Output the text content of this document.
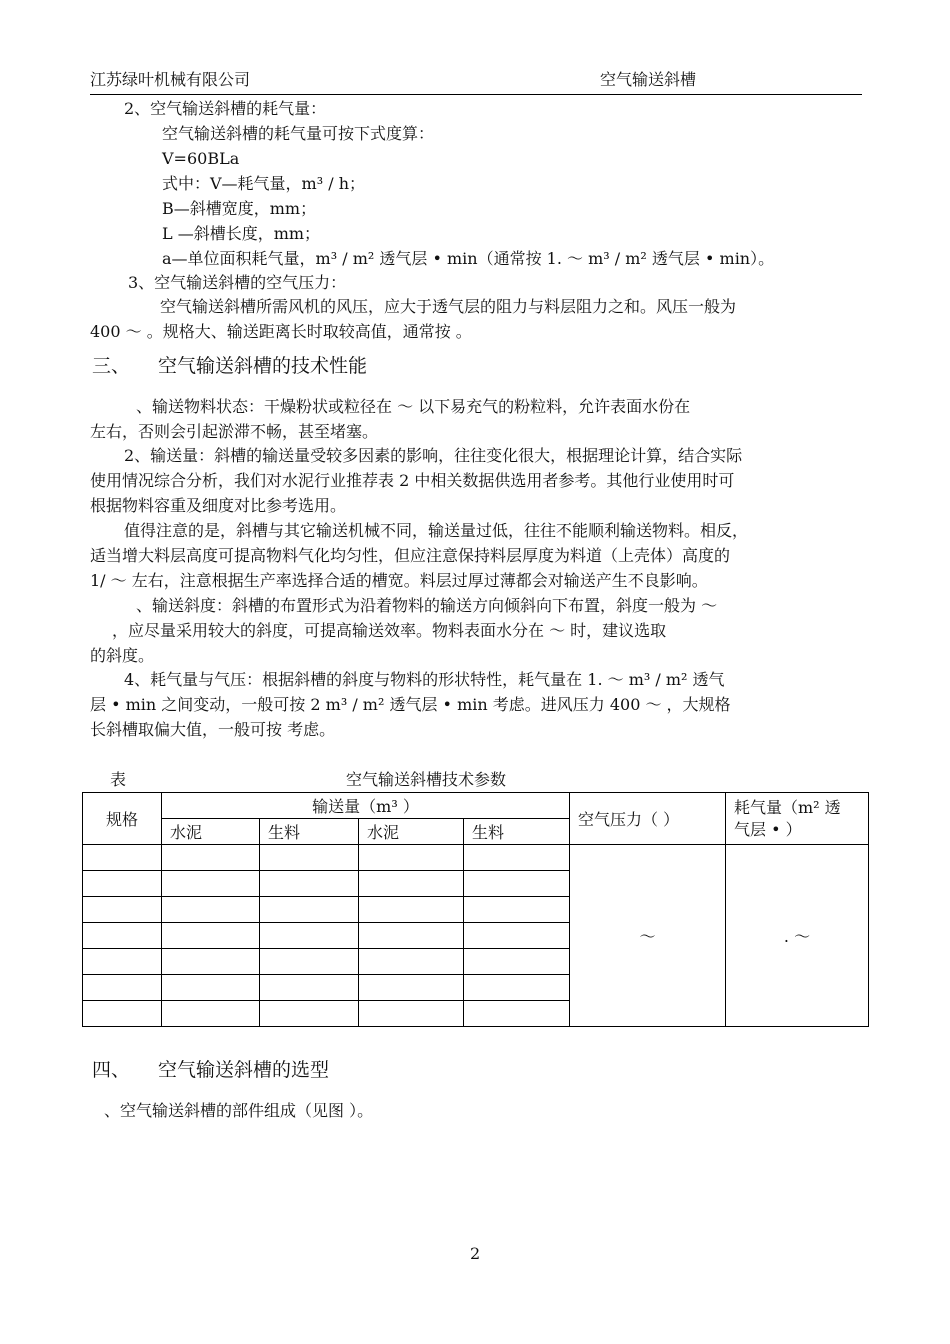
江苏绿叶机械有限公司	空气输送斜槽
2、空气输送斜槽的耗气量：
空气输送斜槽的耗气量可按下式度算：
V=60BLa
式中：V—耗气量，m³ / h；
B—斜槽宽度，mm；
L —斜槽长度，mm；
a—单位面积耗气量，m³ / m² 透气层 • min（通常按 1. ～ m³ / m² 透气层 • min）。
3、空气输送斜槽的空气压力：
空气输送斜槽所需风机的风压，应大于透气层的阻力与料层阻力之和。风压一般为
400 ～ 。规格大、输送距离长时取较高值，通常按 。
三、 空气输送斜槽的技术性能
、输送物料状态：干燥粉状或粒径在 ～ 以下易充气的粉粒料，允许表面水份在
左右，否则会引起淤滞不畅，甚至堵塞。
2、输送量：斜槽的输送量受较多因素的影响，往往变化很大，根据理论计算，结合实际
使用情况综合分析，我们对水泥行业推荐表 2 中相关数据供选用者参考。其他行业使用时可
根据物料容重及细度对比参考选用。
值得注意的是，斜槽与其它输送机械不同，输送量过低，往往不能顺利输送物料。相反，
适当增大料层高度可提高物料气化均匀性，但应注意保持料层厚度为料道（上壳体）高度的
1/ ～ 左右，注意根据生产率选择合适的槽宽。料层过厚过薄都会对输送产生不良影响。
、输送斜度：斜槽的布置形式为沿着物料的输送方向倾斜向下布置，斜度一般为 ～
，应尽量采用较大的斜度，可提高输送效率。物料表面水分在 ～ 时，建议选取
的斜度。
4、耗气量与气压：根据斜槽的斜度与物料的形状特性，耗气量在 1. ～ m³ / m² 透气
层 • min 之间变动，一般可按 2 m³ / m² 透气层 • min 考虑。进风压力 400 ～ ，大规格
长斜槽取偏大值，一般可按 考虑。
表	空气输送斜槽技术参数
规格	输送量（m³ ）				空气压力（ ）	耗气量（m² 透
气层 • ）
	水泥	生料	水泥	生料		
					～	. ～

四、 空气输送斜槽的选型
、空气输送斜槽的部件组成（见图 ）。
2
